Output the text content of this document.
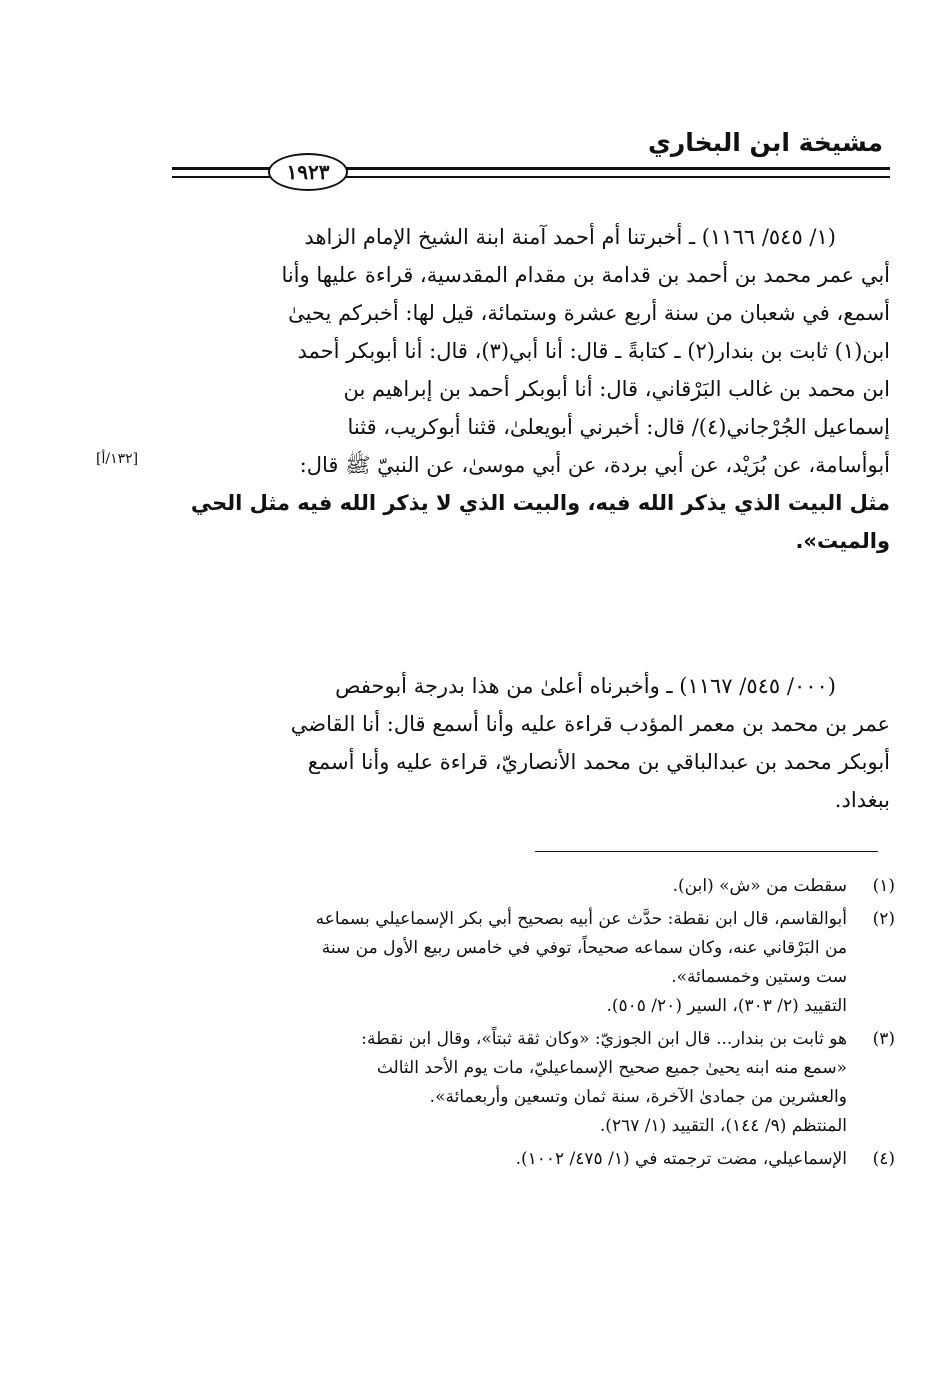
مشيخة ابن البخاري
١٩٢٣

(١/ ٥٤٥/ ١١٦٦) ـ أخبرتنا أم أحمد آمنة ابنة الشيخ الإمام الزاهد

أبي عمر محمد بن أحمد بن قدامة بن مقدام المقدسية، قراءة عليها وأنا

أسمع، في شعبان من سنة أربع عشرة وستمائة، قيل لها: أخبركم يحيىٰ

ابن(١) ثابت بن بندار(٢) ـ كتابةً ـ قال: أنا أبي(٣)، قال: أنا أبوبكر أحمد

ابن محمد بن غالب البَرْقاني، قال: أنا أبوبكر أحمد بن إبراهيم بن

إسماعيل الجُرْجاني(٤)/ قال: أخبرني أبويعلىٰ، قثنا أبوكريب، قثنا

أبوأسامة، عن بُرَيْد، عن أبي بردة، عن أبي موسىٰ، عن النبيّ ﷺ قال:

مثل البيت الذي يذكر الله فيه، والبيت الذي لا يذكر الله فيه مثل الحي

والميت».

[١٣٢/أ]

(٠٠٠/ ٥٤٥/ ١١٦٧) ـ وأخبرناه أعلىٰ من هذا بدرجة أبوحفص

عمر بن محمد بن معمر المؤدب قراءة عليه وأنا أسمع قال: أنا القاضي

أبوبكر محمد بن عبدالباقي بن محمد الأنصاريّ، قراءة عليه وأنا أسمع

ببغداد.

(١)
سقطت من «ش» (ابن).
(٢)
أبوالقاسم، قال ابن نقطة: حدَّث عن أبيه بصحيح أبي بكر الإسماعيلي بسماعه
من البَرْقاني عنه، وكان سماعه صحيحاً، توفي في خامس ربيع الأول من سنة
ست وستين وخمسمائة».
التقييد (٢/ ٣٠٣)، السير (٢٠/ ٥٠٥).
(٣)
هو ثابت بن بندار... قال ابن الجوزيّ: «وكان ثقة ثبتاً»، وقال ابن نقطة:
«سمع منه ابنه يحيىٰ جميع صحيح الإسماعيليّ، مات يوم الأحد الثالث
والعشرين من جمادىٰ الآخرة، سنة ثمان وتسعين وأربعمائة».
المنتظم (٩/ ١٤٤)، التقييد (١/ ٢٦٧).
(٤)
الإسماعيلي، مضت ترجمته في (١/ ٤٧٥/ ١٠٠٢).
